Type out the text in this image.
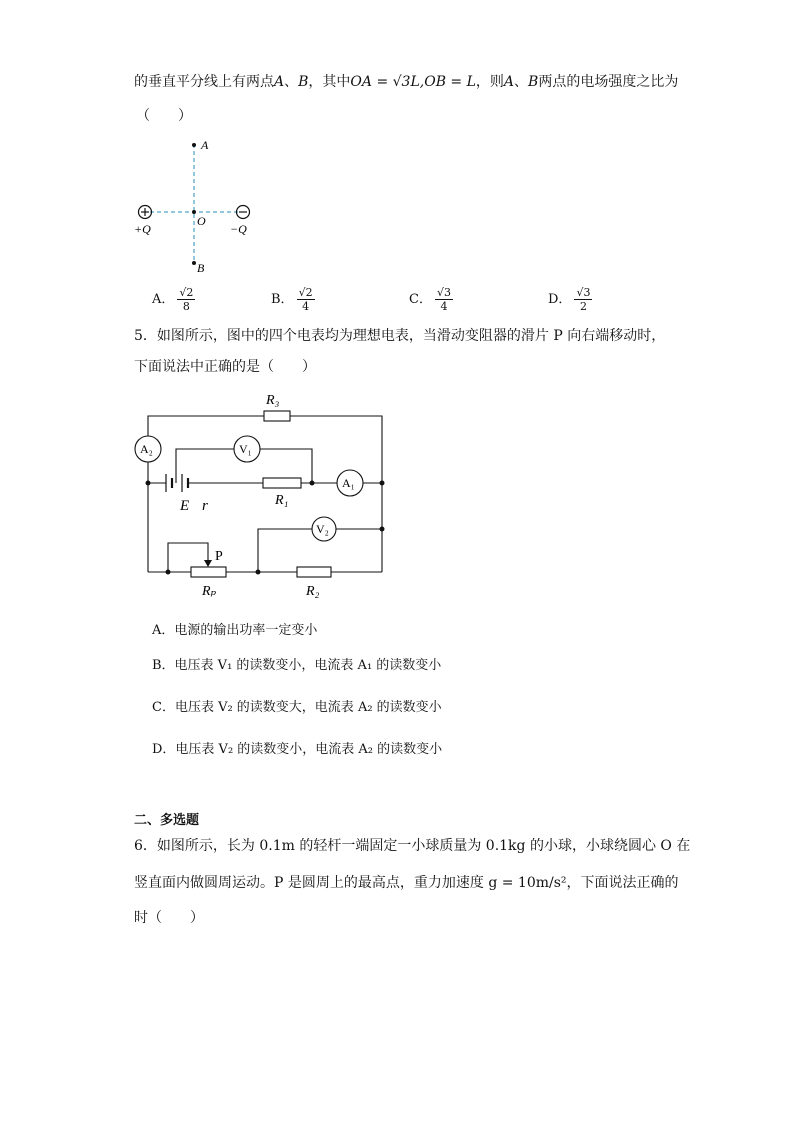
的垂直平分线上有两点A、B，其中OA = √3L,OB = L，则A、B两点的电场强度之比为
（　　）
A
O
B
+Q	−Q
A． $\frac{√2}{8}$	B． $\frac{√2}{4}$	C． $\frac{√3}{4}$	D． $\frac{√3}{2}$
5．如图所示，图中的四个电表均为理想电表，当滑动变阻器的滑片 P 向右端移动时，
下面说法中正确的是（　　）
A₂	V₁
A₁
V₂
R₃
R₁
E r
P
Rₚ	R₂
A．电源的输出功率一定变小
B．电压表 V₁ 的读数变小，电流表 A₁ 的读数变小
C．电压表 V₂ 的读数变大，电流表 A₂ 的读数变小
D．电压表 V₂ 的读数变小，电流表 A₂ 的读数变小
二、多选题
6．如图所示，长为 0.1m 的轻杆一端固定一小球质量为 0.1kg 的小球，小球绕圆心 O 在
竖直面内做圆周运动。P 是圆周上的最高点，重力加速度 g = 10m/s²，下面说法正确的
时（　　）
